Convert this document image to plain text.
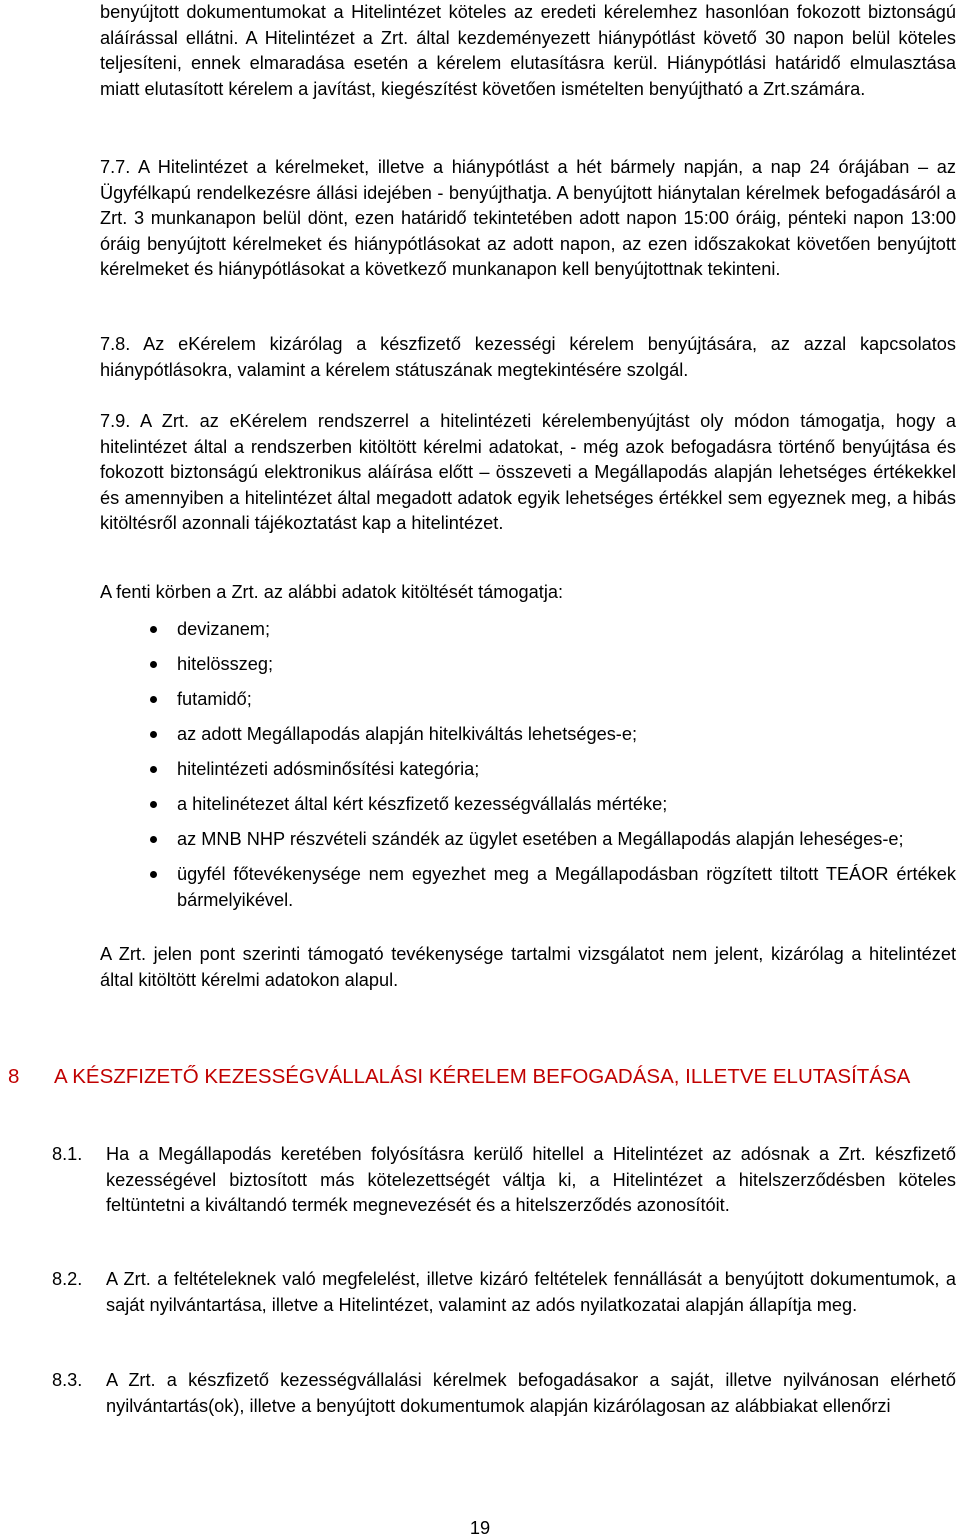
benyújtott dokumentumokat a Hitelintézet köteles az eredeti kérelemhez hasonlóan fokozott biztonságú aláírással ellátni. A Hitelintézet a Zrt. által kezdeményezett hiánypótlást követő 30 napon belül köteles teljesíteni, ennek elmaradása esetén a kérelem elutasításra kerül. Hiánypótlási határidő elmulasztása miatt elutasított kérelem a javítást, kiegészítést követően ismételten benyújtható a Zrt.számára.

7.7. A Hitelintézet a kérelmeket, illetve a hiánypótlást a hét bármely napján, a nap 24 órájában – az Ügyfélkapú rendelkezésre állási idejében - benyújthatja. A benyújtott hiánytalan kérelmek befogadásáról a Zrt. 3 munkanapon belül dönt, ezen határidő tekintetében adott napon 15:00 óráig, pénteki napon 13:00 óráig benyújtott kérelmeket és hiánypótlásokat az adott napon, az ezen időszakokat követően benyújtott kérelmeket és hiánypótlásokat a következő munkanapon kell benyújtottnak tekinteni.

7.8. Az eKérelem kizárólag a készfizető kezességi kérelem benyújtására, az azzal kapcsolatos hiánypótlásokra, valamint a kérelem státuszának megtekintésére szolgál.

7.9. A Zrt. az eKérelem rendszerrel a hitelintézeti kérelembenyújtást oly módon támogatja, hogy a hitelintézet által a rendszerben kitöltött kérelmi adatokat, - még azok befogadásra történő benyújtása és fokozott biztonságú elektronikus aláírása előtt – összeveti a Megállapodás alapján lehetséges értékekkel és amennyiben a hitelintézet által megadott adatok egyik lehetséges értékkel sem egyeznek meg, a hibás kitöltésről azonnali tájékoztatást kap a hitelintézet.

A fenti körben a Zrt. az alábbi adatok kitöltését támogatja:

devizanem;
hitelösszeg;
futamidő;
az adott Megállapodás alapján hitelkiváltás lehetséges-e;
hitelintézeti adósminősítési kategória;
a hitelinétezet által kért készfizető kezességvállalás mértéke;
az MNB NHP részvételi szándék az ügylet esetében a Megállapodás alapján leheséges-e;
ügyfél főtevékenysége nem egyezhet meg a Megállapodásban rögzített tiltott TEÁOR értékek bármelyikével.

A Zrt. jelen pont szerinti támogató tevékenysége tartalmi vizsgálatot nem jelent, kizárólag a hitelintézet által kitöltött kérelmi adatokon alapul.

8 A KÉSZFIZETŐ KEZESSÉGVÁLLALÁSI KÉRELEM BEFOGADÁSA, ILLETVE ELUTASÍTÁSA
8.1. Ha a Megállapodás keretében folyósításra kerülő hitellel a Hitelintézet az adósnak a Zrt. készfizető kezességével biztosított más kötelezettségét váltja ki, a Hitelintézet a hitelszerződésben köteles feltüntetni a kiváltandó termék megnevezését és a hitelszerződés azonosítóit.

8.2. A Zrt. a feltételeknek való megfelelést, illetve kizáró feltételek fennállását a benyújtott dokumentumok, a saját nyilvántartása, illetve a Hitelintézet, valamint az adós nyilatkozatai alapján állapítja meg.

8.3. A Zrt. a készfizető kezességvállalási kérelmek befogadásakor a saját, illetve nyilvánosan elérhető nyilvántartás(ok), illetve a benyújtott dokumentumok alapján kizárólagosan az alábbiakat ellenőrzi

19
